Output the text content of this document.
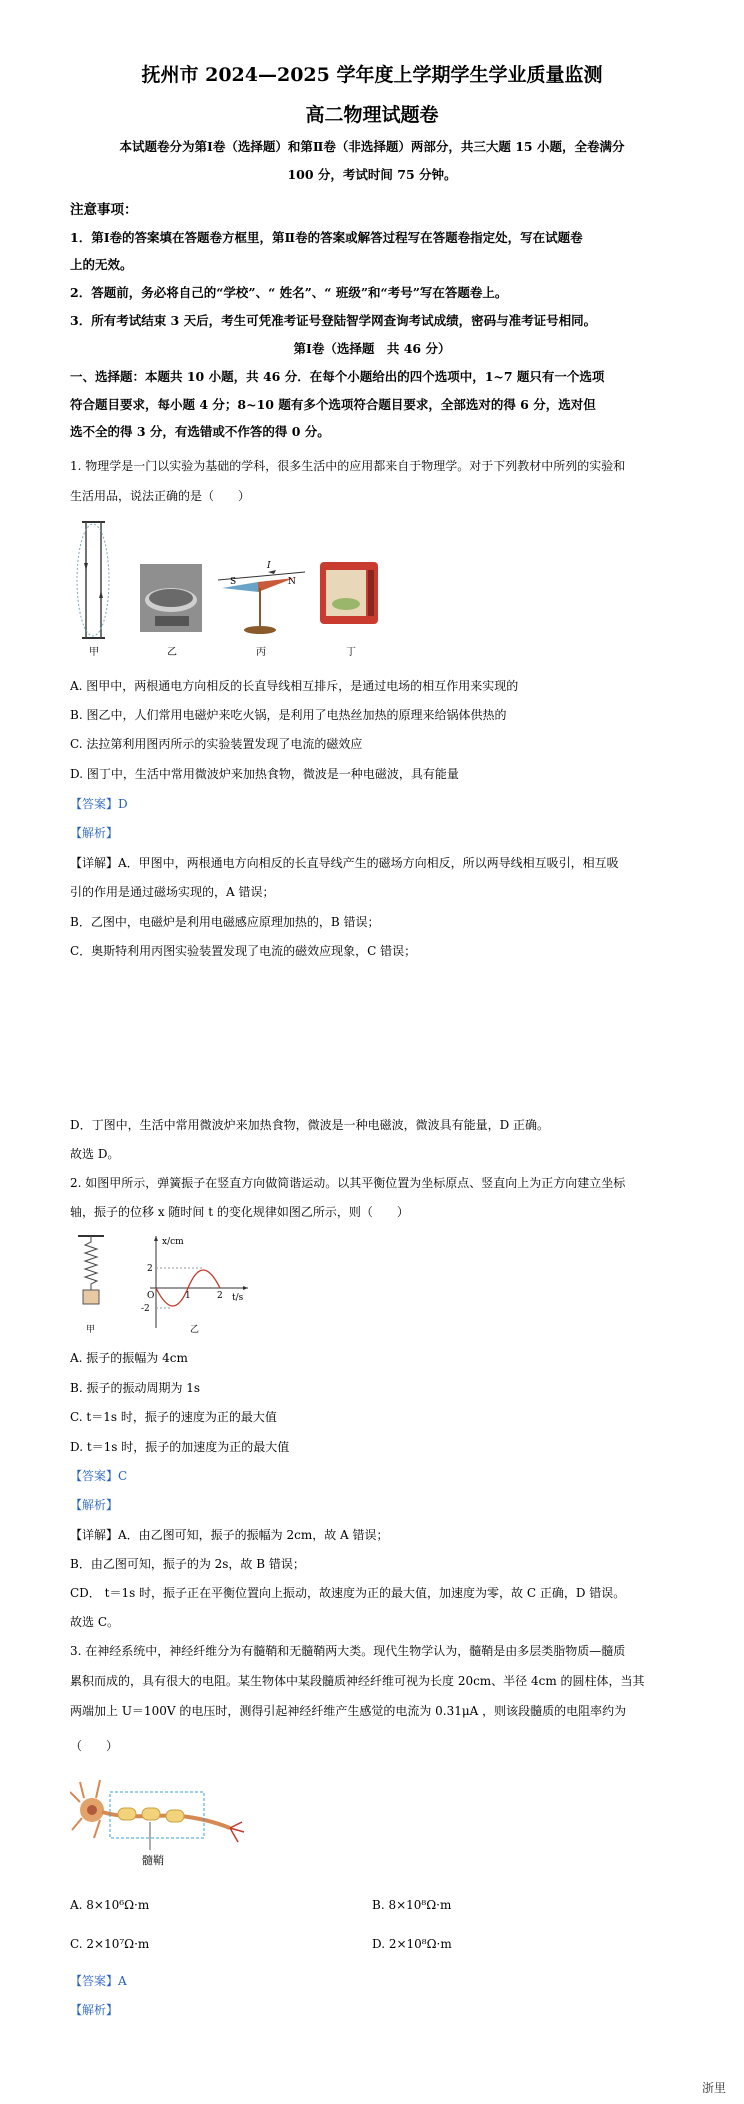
抚州市 2024—2025 学年度上学期学生学业质量监测
高二物理试题卷
本试题卷分为第Ⅰ卷（选择题）和第Ⅱ卷（非选择题）两部分，共三大题 15 小题，全卷满分
100 分，考试时间 75 分钟。
注意事项：
1．第Ⅰ卷的答案填在答题卷方框里，第Ⅱ卷的答案或解答过程写在答题卷指定处，写在试题卷
上的无效。
2．答题前，务必将自己的“学校”、“ 姓名”、“ 班级”和“考号”写在答题卷上。
3．所有考试结束 3 天后，考生可凭准考证号登陆智学网查询考试成绩，密码与准考证号相同。
第Ⅰ卷（选择题　共 46 分）
一、选择题：本题共 10 小题，共 46 分．在每个小题给出的四个选项中，1~7 题只有一个选项
符合题目要求，每小题 4 分；8~10 题有多个选项符合题目要求，全部选对的得 6 分，选对但
选不全的得 3 分，有选错或不作答的得 0 分。
1. 物理学是一门以实验为基础的学科，很多生活中的应用都来自于物理学。对于下列教材中所列的实验和
生活用品，说法正确的是（　　）
甲	乙	丙	丁
I
S	N
A. 图甲中，两根通电方向相反的长直导线相互排斥，是通过电场的相互作用来实现的
B. 图乙中，人们常用电磁炉来吃火锅，是利用了电热丝加热的原理来给锅体供热的
C. 法拉第利用图丙所示的实验装置发现了电流的磁效应
D. 图丁中，生活中常用微波炉来加热食物，微波是一种电磁波，具有能量
【答案】D
【解析】
【详解】A．甲图中，两根通电方向相反的长直导线产生的磁场方向相反，所以两导线相互吸引，相互吸
引的作用是通过磁场实现的，A 错误；
B．乙图中，电磁炉是利用电磁感应原理加热的，B 错误；
C．奥斯特利用丙图实验装置发现了电流的磁效应现象，C 错误；
D．丁图中，生活中常用微波炉来加热食物，微波是一种电磁波，微波具有能量，D 正确。
故选 D。
2. 如图甲所示，弹簧振子在竖直方向做简谐运动。以其平衡位置为坐标原点、竖直向上为正方向建立坐标
轴，振子的位移 x 随时间 t 的变化规律如图乙所示，则（　　）
x/cm
t/s
2
-2
O	1	2
甲	乙
A. 振子的振幅为 4cm
B. 振子的振动周期为 1s
C. t＝1s 时，振子的速度为正的最大值
D. t＝1s 时，振子的加速度为正的最大值
【答案】C
【解析】
【详解】A．由乙图可知，振子的振幅为 2cm，故 A 错误；
B．由乙图可知，振子的为 2s，故 B 错误；
CD． t＝1s 时，振子正在平衡位置向上振动，故速度为正的最大值，加速度为零，故 C 正确，D 错误。
故选 C。
3. 在神经系统中，神经纤维分为有髓鞘和无髓鞘两大类。现代生物学认为，髓鞘是由多层类脂物质—髓质
累积而成的，具有很大的电阻。某生物体中某段髓质神经纤维可视为长度 20cm、半径 4cm 的圆柱体，当其
两端加上 U＝100V 的电压时，测得引起神经纤维产生感觉的电流为 0.31μA ，则该段髓质的电阻率约为
（　　）
髓鞘
A. 8×10⁶Ω·m	B. 8×10⁸Ω·m
C. 2×10⁷Ω·m	D. 2×10⁸Ω·m
【答案】A
【解析】
浙里
